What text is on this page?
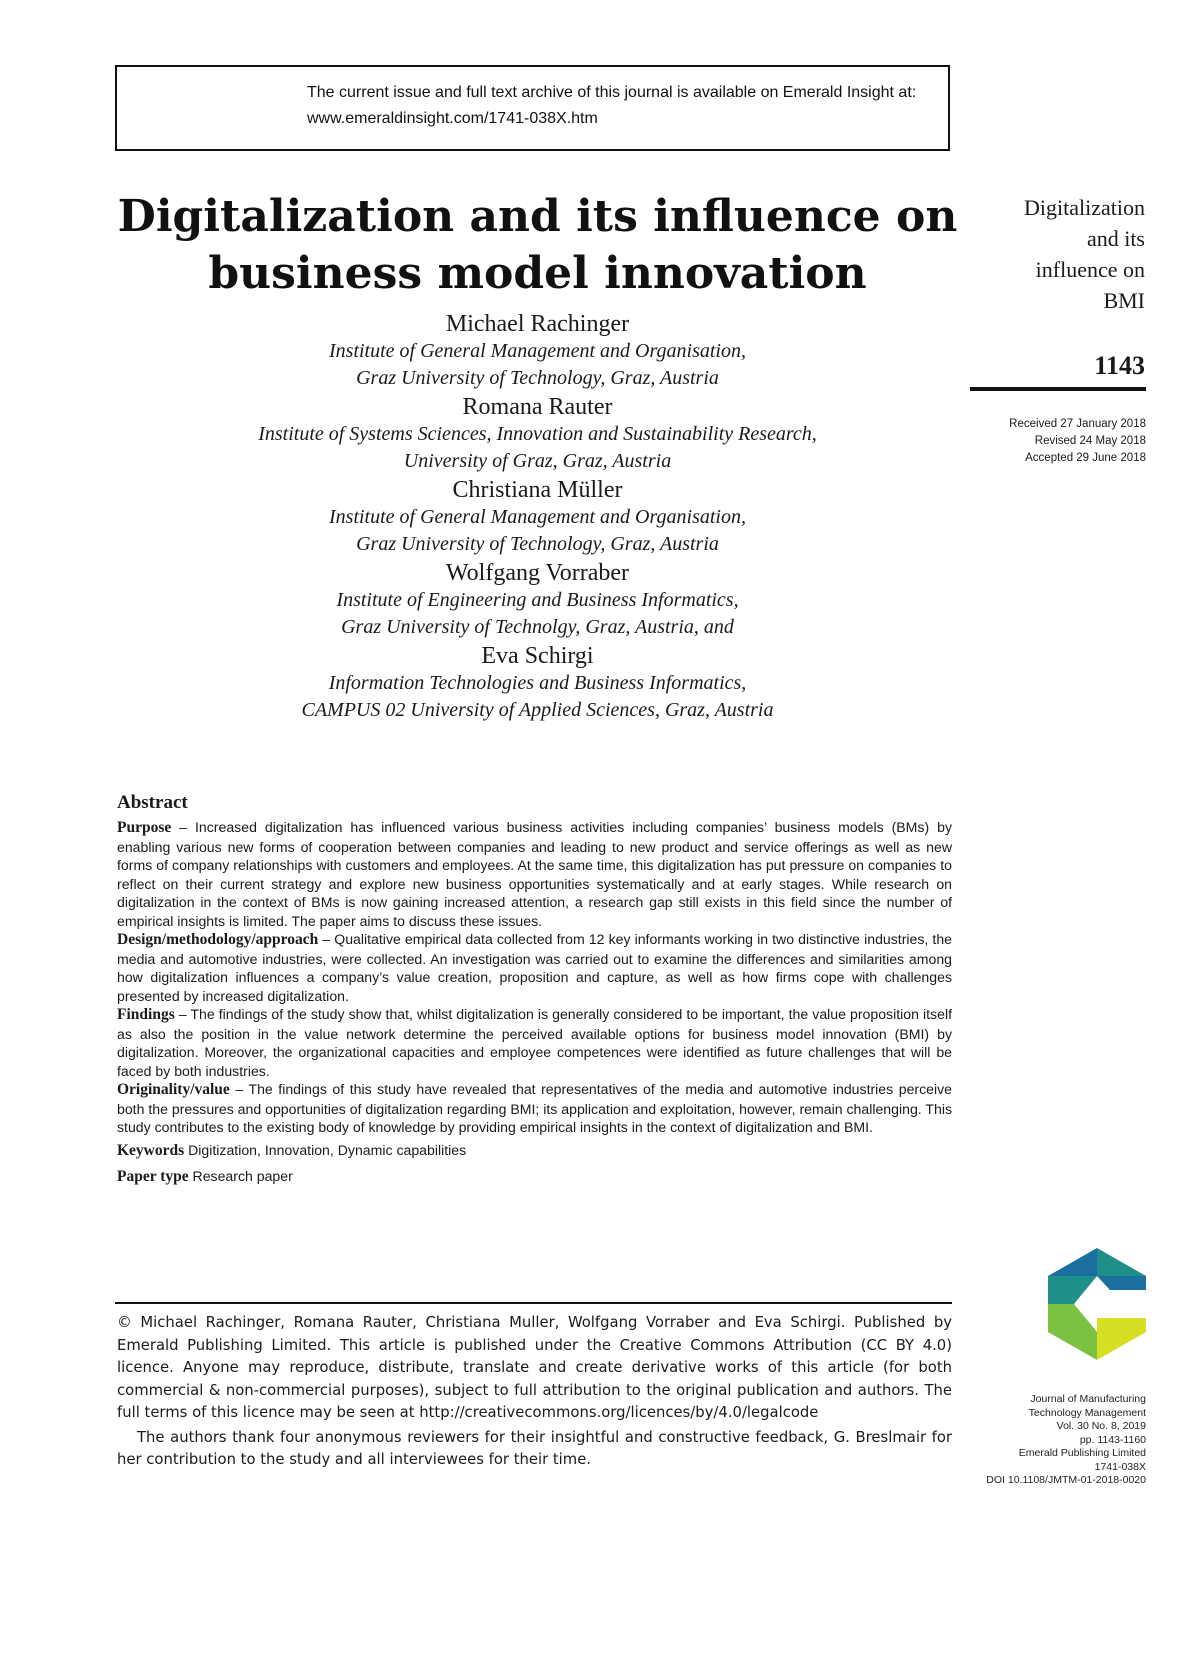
The current issue and full text archive of this journal is available on Emerald Insight at:
www.emeraldinsight.com/1741-038X.htm
Digitalization and its influence on
business model innovation

Michael Rachinger

Institute of General Management and Organisation,

Graz University of Technology, Graz, Austria

Romana Rauter

Institute of Systems Sciences, Innovation and Sustainability Research,

University of Graz, Graz, Austria

Christiana Müller

Institute of General Management and Organisation,

Graz University of Technology, Graz, Austria

Wolfgang Vorraber

Institute of Engineering and Business Informatics,

Graz University of Technolgy, Graz, Austria, and

Eva Schirgi

Information Technologies and Business Informatics,

CAMPUS 02 University of Applied Sciences, Graz, Austria

Digitalization
and its
influence on
BMI
1143
Received 27 January 2018
Revised 24 May 2018
Accepted 29 June 2018
Abstract

Purpose – Increased digitalization has influenced various business activities including companies’ business models (BMs) by enabling various new forms of cooperation between companies and leading to new product and service offerings as well as new forms of company relationships with customers and employees. At the same time, this digitalization has put pressure on companies to reflect on their current strategy and explore new business opportunities systematically and at early stages. While research on digitalization in the context of BMs is now gaining increased attention, a research gap still exists in this field since the number of empirical insights is limited. The paper aims to discuss these issues.

Design/methodology/approach – Qualitative empirical data collected from 12 key informants working in two distinctive industries, the media and automotive industries, were collected. An investigation was carried out to examine the differences and similarities among how digitalization influences a company’s value creation, proposition and capture, as well as how firms cope with challenges presented by increased digitalization.

Findings – The findings of the study show that, whilst digitalization is generally considered to be important, the value proposition itself as also the position in the value network determine the perceived available options for business model innovation (BMI) by digitalization. Moreover, the organizational capacities and employee competences were identified as future challenges that will be faced by both industries.

Originality/value – The findings of this study have revealed that representatives of the media and automotive industries perceive both the pressures and opportunities of digitalization regarding BMI; its application and exploitation, however, remain challenging. This study contributes to the existing body of knowledge by providing empirical insights in the context of digitalization and BMI.

Keywords Digitization, Innovation, Dynamic capabilities

Paper type Research paper

© Michael Rachinger, Romana Rauter, Christiana Muller, Wolfgang Vorraber and Eva Schirgi. Published by Emerald Publishing Limited. This article is published under the Creative Commons Attribution (CC BY 4.0) licence. Anyone may reproduce, distribute, translate and create derivative works of this article (for both commercial & non-commercial purposes), subject to full attribution to the original publication and authors. The full terms of this licence may be seen at http://creativecommons.org/licences/by/4.0/legalcode

The authors thank four anonymous reviewers for their insightful and constructive feedback, G. Breslmair for her contribution to the study and all interviewees for their time.

Journal of Manufacturing
Technology Management
Vol. 30 No. 8, 2019
pp. 1143-1160
Emerald Publishing Limited
1741-038X
DOI 10.1108/JMTM-01-2018-0020
